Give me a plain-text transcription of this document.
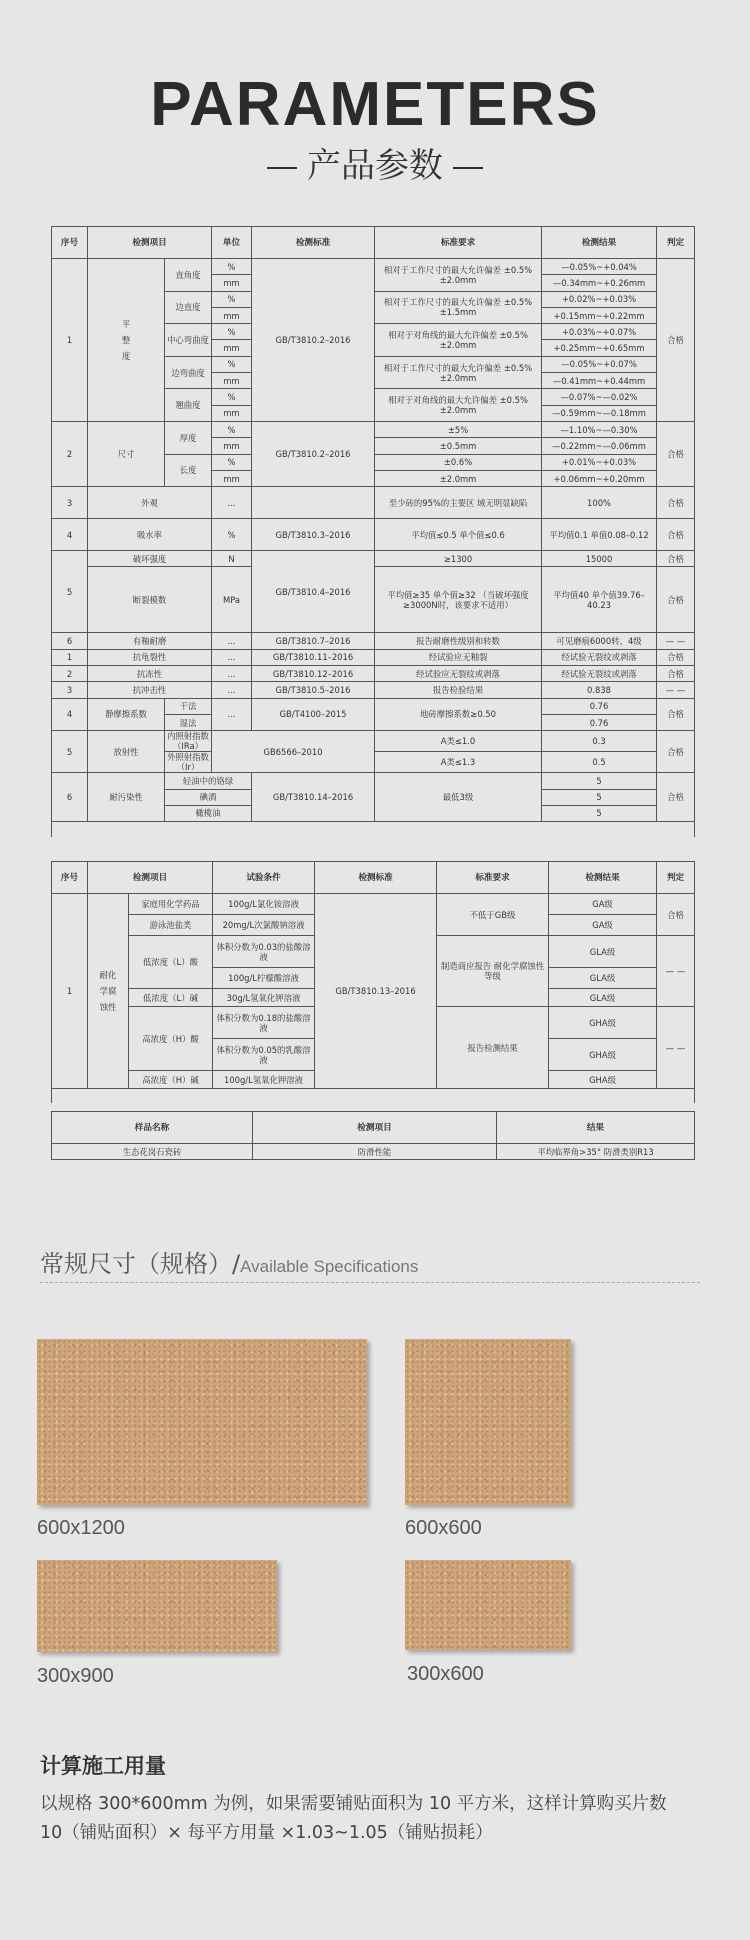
PARAMETERS
产品参数
序号	检测项目		单位	检测标准	标准要求	检测结果	判定
1	平整度	直角度	%	GB/T3810.2–2016	相对于工作尺寸的最大允许偏差 ±0.5% ±2.0mm	—0.05%~+0.04%	合格
			mm			—0.34mm~+0.26mm	
		边直度	%		相对于工作尺寸的最大允许偏差 ±0.5% ±1.5mm	+0.02%~+0.03%	
			mm			+0.15mm~+0.22mm	
		中心弯曲度	%		相对于对角线的最大允许偏差 ±0.5% ±2.0mm	+0.03%~+0.07%	
			mm			+0.25mm~+0.65mm	
		边弯曲度	%		相对于工作尺寸的最大允许偏差 ±0.5% ±2.0mm	—0.05%~+0.07%	
			mm			—0.41mm~+0.44mm	
		翘曲度	%		相对于对角线的最大允许偏差 ±0.5% ±2.0mm	—0.07%~—0.02%	
			mm			—0.59mm~—0.18mm	
2	尺寸	厚度	%	GB/T3810.2–2016	±5%	—1.10%~—0.30%	合格
			mm		±0.5mm	—0.22mm~—0.06mm	
		长度	%		±0.6%	+0.01%~+0.03%	
			mm		±2.0mm	+0.06mm~+0.20mm	
3	外观		...		至少砖的95%的主要区 域无明显缺陷	100%	合格
4	吸水率		%	GB/T3810.3–2016	平均值≤0.5 单个值≤0.6	平均值0.1 单值0.08–0.12	合格
5	破坏强度		N	GB/T3810.4–2016	≥1300	15000	合格
	断裂模数		MPa		平均值≥35 单个值≥32 （当破坏强度≥3000N时，该要求不适用）	平均值40 单个值39.76–40.23	合格
6	有釉耐磨		...	GB/T3810.7–2016	报告耐磨性级别和转数	可见磨痕6000转，4级	— —
1	抗龟裂性		...	GB/T3810.11–2016	经试验应无釉裂	经试验无裂纹或剥落	合格
2	抗冻性		...	GB/T3810.12–2016	经试验应无裂纹或剥落	经试验无裂纹或剥落	合格
3	抗冲击性		...	GB/T3810.5–2016	报告检验结果	0.838	— —
4	静摩擦系数	干法	...	GB/T4100–2015	地砖摩擦系数≥0.50	0.76	合格
		湿法				0.76	
5	放射性	内照射指数（IRa）	GB6566–2010		A类≤1.0	0.3	合格
		外照射指数（Ir）			A类≤1.3	0.5	
6	耐污染性	轻油中的铬绿		GB/T3810.14–2016	最低3级	5	合格
		碘酒				5	
		橄榄油				5	

序号	检测项目		试验条件	检测标准	标准要求	检测结果	判定
1	耐化学腐蚀性	家庭用化学药品	100g/L氯化铵溶液	GB/T3810.13–2016	不低于GB级	GA级	合格
		游泳池盐类	20mg/L次氯酸钠溶液			GA级	
		低浓度（L）酸	体积分数为0.03的盐酸溶液		制造商应报告 耐化学腐蚀性 等级	GLA级	— —
			100g/L柠檬酸溶液			GLA级	
		低浓度（L）碱	30g/L氢氧化钾溶液			GLA级	
		高浓度（H）酸	体积分数为0.18的盐酸溶液		报告检测结果	GHA级	— —
			体积分数为0.05的乳酸溶液			GHA级	
		高浓度（H）碱	100g/L氢氧化钾溶液			GHA级	

样品名称	检测项目	结果
生态花岗石瓷砖	防滑性能	平均临界角>35° 防滑类别R13
常规尺寸（规格）/Available Specifications
600x1200	600x600
300x900	300x600
计算施工用量
以规格 300*600mm 为例，如果需要铺贴面积为 10 平方米，这样计算购买片数
10（铺贴面积）× 每平方用量 ×1.03~1.05（铺贴损耗）
